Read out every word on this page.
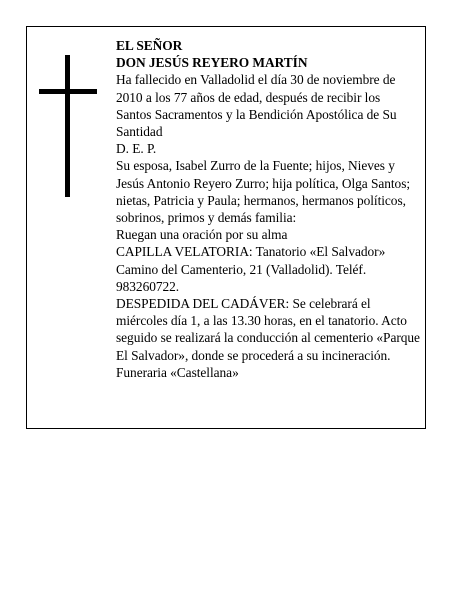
EL SEÑOR
DON JESÚS REYERO MARTÍN
Ha fallecido en Valladolid el día 30 de noviembre de
2010 a los 77 años de edad, después de recibir los
Santos Sacramentos y la Bendición Apostólica de Su
Santidad
D. E. P.
Su esposa, Isabel Zurro de la Fuente; hijos, Nieves y
Jesús Antonio Reyero Zurro; hija política, Olga Santos;
nietas, Patricia y Paula; hermanos, hermanos políticos,
sobrinos, primos y demás familia:
Ruegan una oración por su alma
CAPILLA VELATORIA: Tanatorio «El Salvador»
Camino del Camenterio, 21 (Valladolid). Teléf.
983260722.
DESPEDIDA DEL CADÁVER: Se celebrará el
miércoles día 1, a las 13.30 horas, en el tanatorio. Acto
seguido se realizará la conducción al cementerio «Parque
El Salvador», donde se procederá a su incineración.
Funeraria «Castellana»
